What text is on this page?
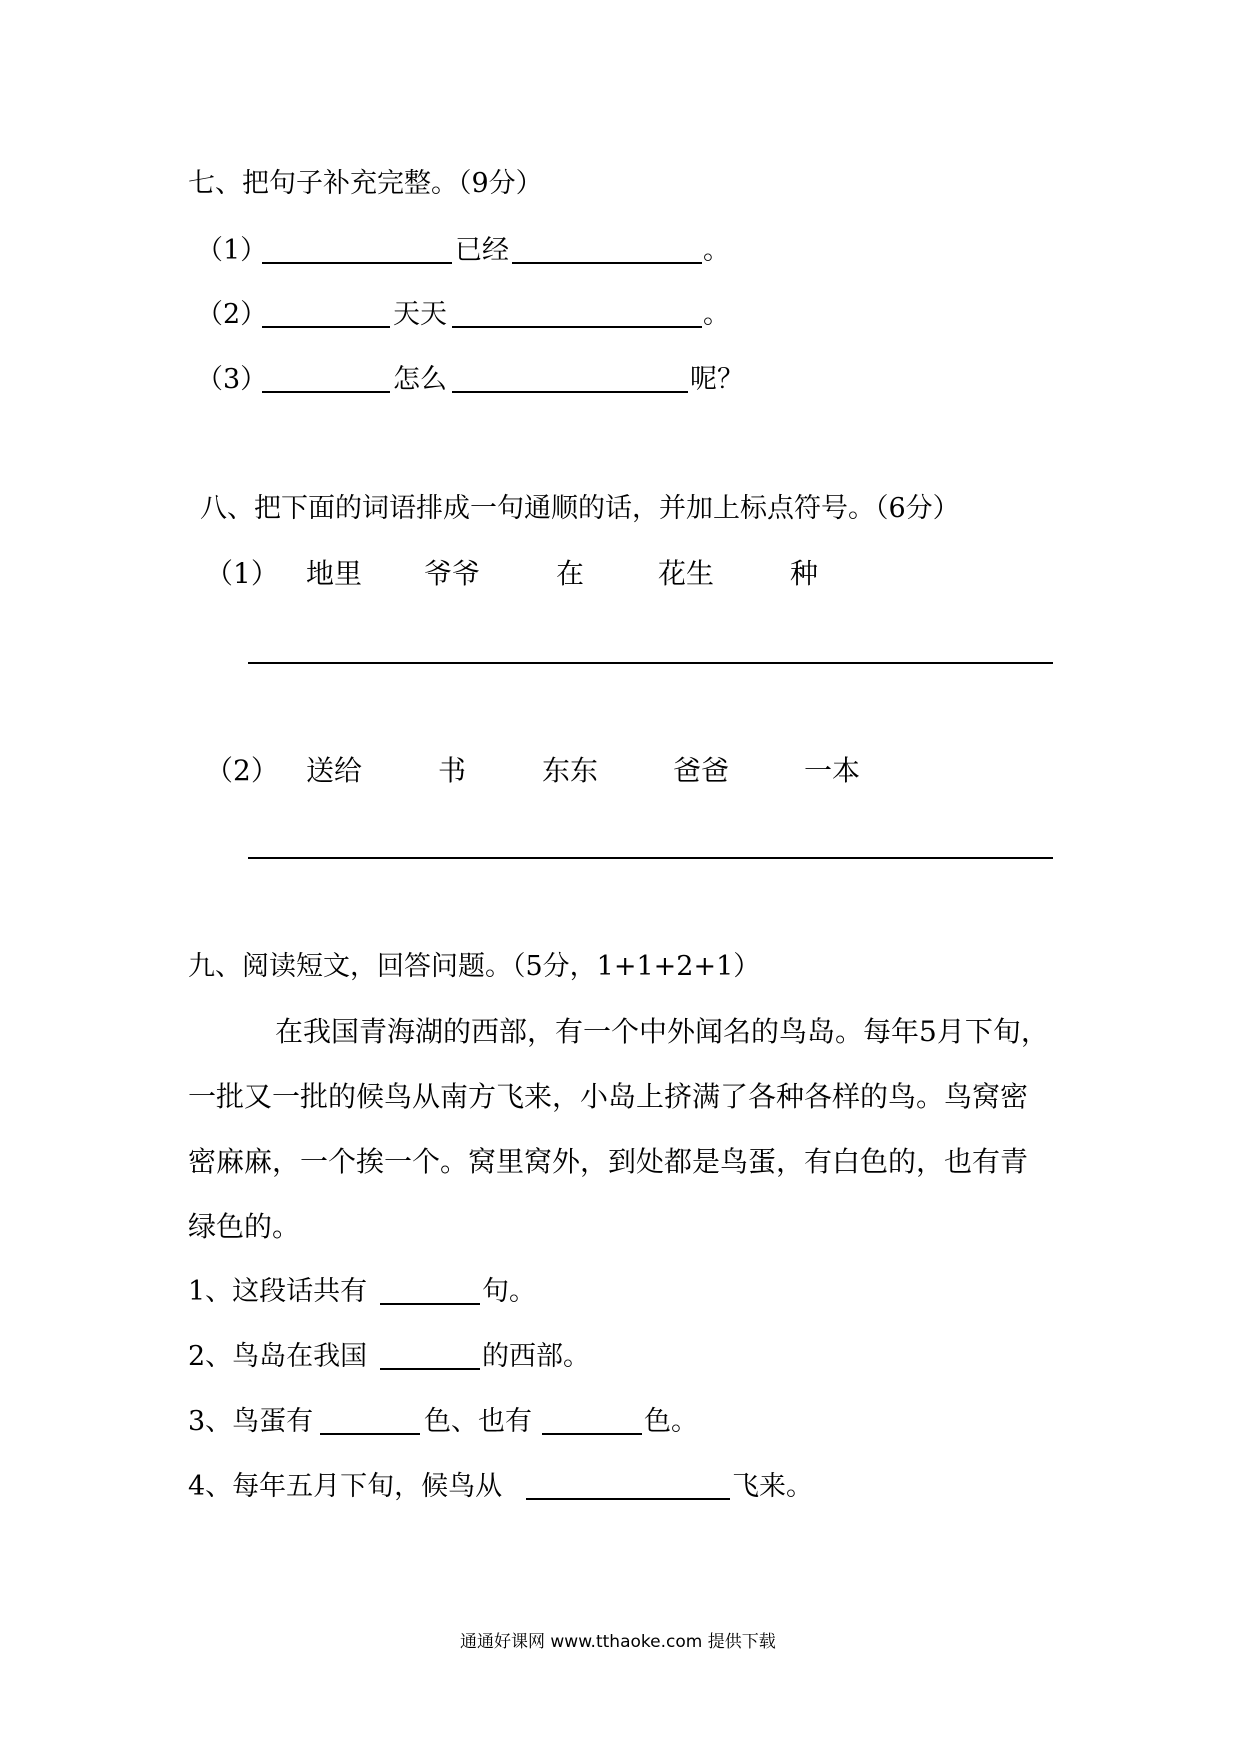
七、把句子补充完整。（9分）
（1）	已经	。
（2）	天天	。
（3）	怎么	呢？
八、把下面的词语排成一句通顺的话，并加上标点符号。（6分）
（1） 地里 爷爷	在	花生	种
（2） 送给	书	东东	爸爸	一本
九、阅读短文，回答问题。（5分，1+1+2+1）
在我国青海湖的西部，有一个中外闻名的鸟岛。每年5月下旬，
一批又一批的候鸟从南方飞来，小岛上挤满了各种各样的鸟。鸟窝密
密麻麻，一个挨一个。窝里窝外，到处都是鸟蛋，有白色的，也有青
绿色的。
1、这段话共有	句。
2、鸟岛在我国	的西部。
3、鸟蛋有	色、也有	色。
4、每年五月下旬，候鸟从	飞来。
通通好课网 www.tthaoke.com 提供下载
